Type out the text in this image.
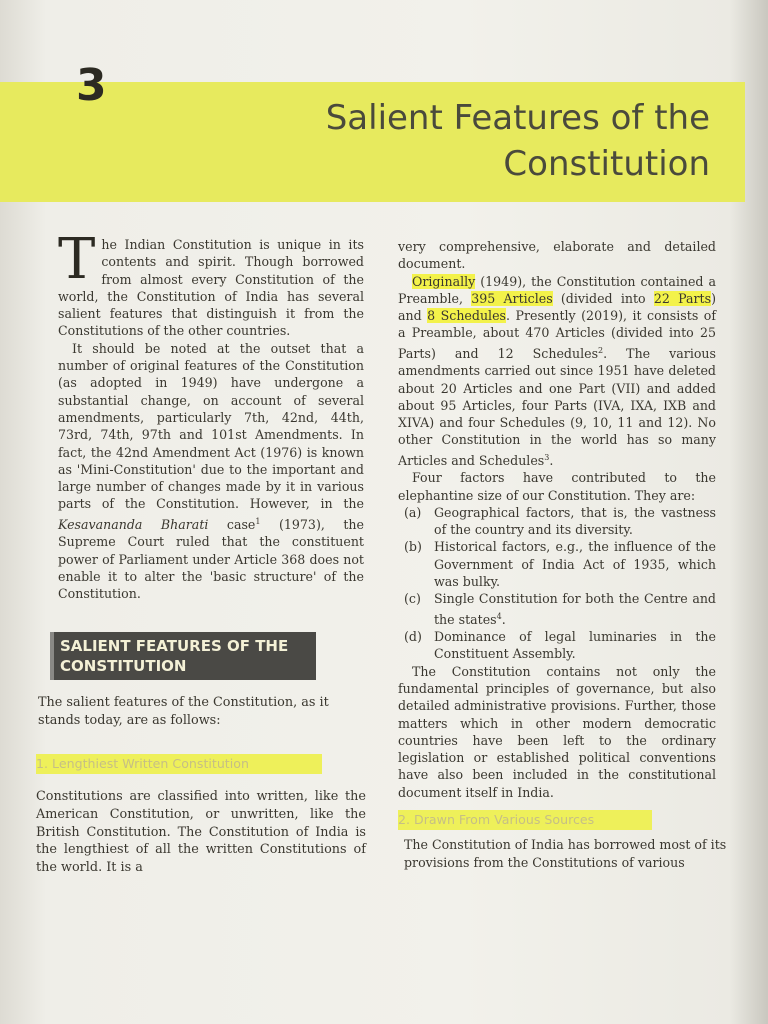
3
Salient Features of the
Constitution

The Indian Constitution is unique in its contents and spirit. Though borrowed from almost every Constitution of the world, the Constitution of India has several salient features that distinguish it from the Constitutions of the other countries.

It should be noted at the outset that a number of original features of the Constitution (as adopted in 1949) have undergone a substantial change, on account of several amendments, particularly 7th, 42nd, 44th, 73rd, 74th, 97th and 101st Amendments. In fact, the 42nd Amendment Act (1976) is known as 'Mini-Constitution' due to the important and large number of changes made by it in various parts of the Constitution. However, in the Kesavananda Bharati case$^1$ (1973), the Supreme Court ruled that the constituent power of Parliament under Article 368 does not enable it to alter the 'basic structure' of the Constitution.

SALIENT FEATURES OF THE
CONSTITUTION
The salient features of the Constitution, as it stands today, are as follows:
1. Lengthiest Written Constitution
Constitutions are classified into written, like the American Constitution, or unwritten, like the British Constitution. The Constitution of India is the lengthiest of all the written Constitutions of the world. It is a

very comprehensive, elaborate and detailed document.

Originally (1949), the Constitution contained a Preamble, 395 Articles (divided into 22 Parts) and 8 Schedules. Presently (2019), it consists of a Preamble, about 470 Articles (divided into 25 Parts) and 12 Schedules$^2$. The various amendments carried out since 1951 have deleted about 20 Articles and one Part (VII) and added about 95 Articles, four Parts (IVA, IXA, IXB and XIVA) and four Schedules (9, 10, 11 and 12). No other Constitution in the world has so many Articles and Schedules$^3$.

Four factors have contributed to the elephantine size of our Constitution. They are:

(a) Geographical factors, that is, the vastness of the country and its diversity.
(b) Historical factors, e.g., the influence of the Government of India Act of 1935, which was bulky.
(c) Single Constitution for both the Centre and the states$^4$.
(d) Dominance of legal luminaries in the Constituent Assembly.

The Constitution contains not only the fundamental principles of governance, but also detailed administrative provisions. Further, those matters which in other modern democratic countries have been left to the ordinary legislation or established political conventions have also been included in the constitutional document itself in India.

2. Drawn From Various Sources
The Constitution of India has borrowed most of its provisions from the Constitutions of various
